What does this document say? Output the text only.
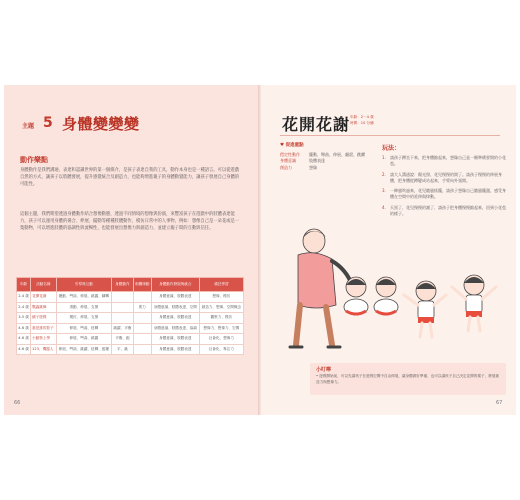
主題 5 身體變變變
動作樂點

身體動作是我們溝通、表達和認識世界的第一個媒介，是孩子表達自我的工具，動作本身也是一種語言。可以從遊戲自然的方式，讓孩子以肢體發展，提升感覺統合及創造力，也能夠增進親子的身體動覺能力，讓孩子發展自己身體的可能性。

這個主題，我們期望透過身體動作結合想像動態，透過不同情境的想像與扮演，來豐富孩子在遊戲中的肢體表達能力，孩子可以運用身體的揚合、伸展、擺動等種種肢體動作，模仿日常中的人事物，例如：想像自己是一朵花或是一隻動物，可以增進肢體的協調性與流暢性，也能發展出想像力與創造力，並建立親子間的互動與信任。

年齡	活動名稱	引導與互動	身體動作	相關律動	身體動作發展與統合	備註學習
2-4 歲	花開花謝	擺動、彎曲、伸展、跳躍、翻轉			身體意識、肢體表達	想像、模仿
2-4 歲	瓢蟲跳舞	滑動、伸展、支撐		肌力	身體意識、肢體表達、空間	創造力、想像、空間概念
3-5 歲	鏡子遊戲	模仿、伸展、支撐			身體意識、肢體表達	觀察力、模仿
4-6 歲	誰是誰的影子	伸展、彎曲、扭轉	跳躍、平衡		身體意識、肢體表達、協調	想像力、想像力、空間
4-6 歲	小動物上學	伸展、彎曲、跳躍	平衡、跑		身體意識、肢體表達	社會化、想像力
4-6 歲	123，機器人	伸展、彎曲、跳躍、扭轉、搖擺	平、跳		身體意識、肢體表達	社會化、專注力
66
花開花謝 年齡：2－4 歲
時間：10 分鐘
♥ 促進重點
穩定性動作	擺動、彎曲、伸展、翻滾、跳躍
身體意識	肢體表達
創造力	想像
玩法：
1.	請孩子蹲坐下來，把身體縮起來，想像自己是一顆準備要開的小花苞。
2.	請大人溝通說：陽光照、花兒慢慢的開了。請孩子慢慢的伸展身體，把身體從蹲變成站起來，手臂向外張開。
3.	一陣風吹過來，花兒隨風搖擺，請孩子想像自己隨風擺盪，感受身體在空間中的延伸與律動。
4.	天黑了，花兒慢慢的謝了，請孩子把身體慢慢縮起來，回到小花苞的樣子。
小叮嚀

• 遊戲開始前，可以先讓孩子在遊戲空間中自由伸展，讓身體做好準備，也可以讓孩子自己決定花開的樣子，發展創造力與想像力。

67
